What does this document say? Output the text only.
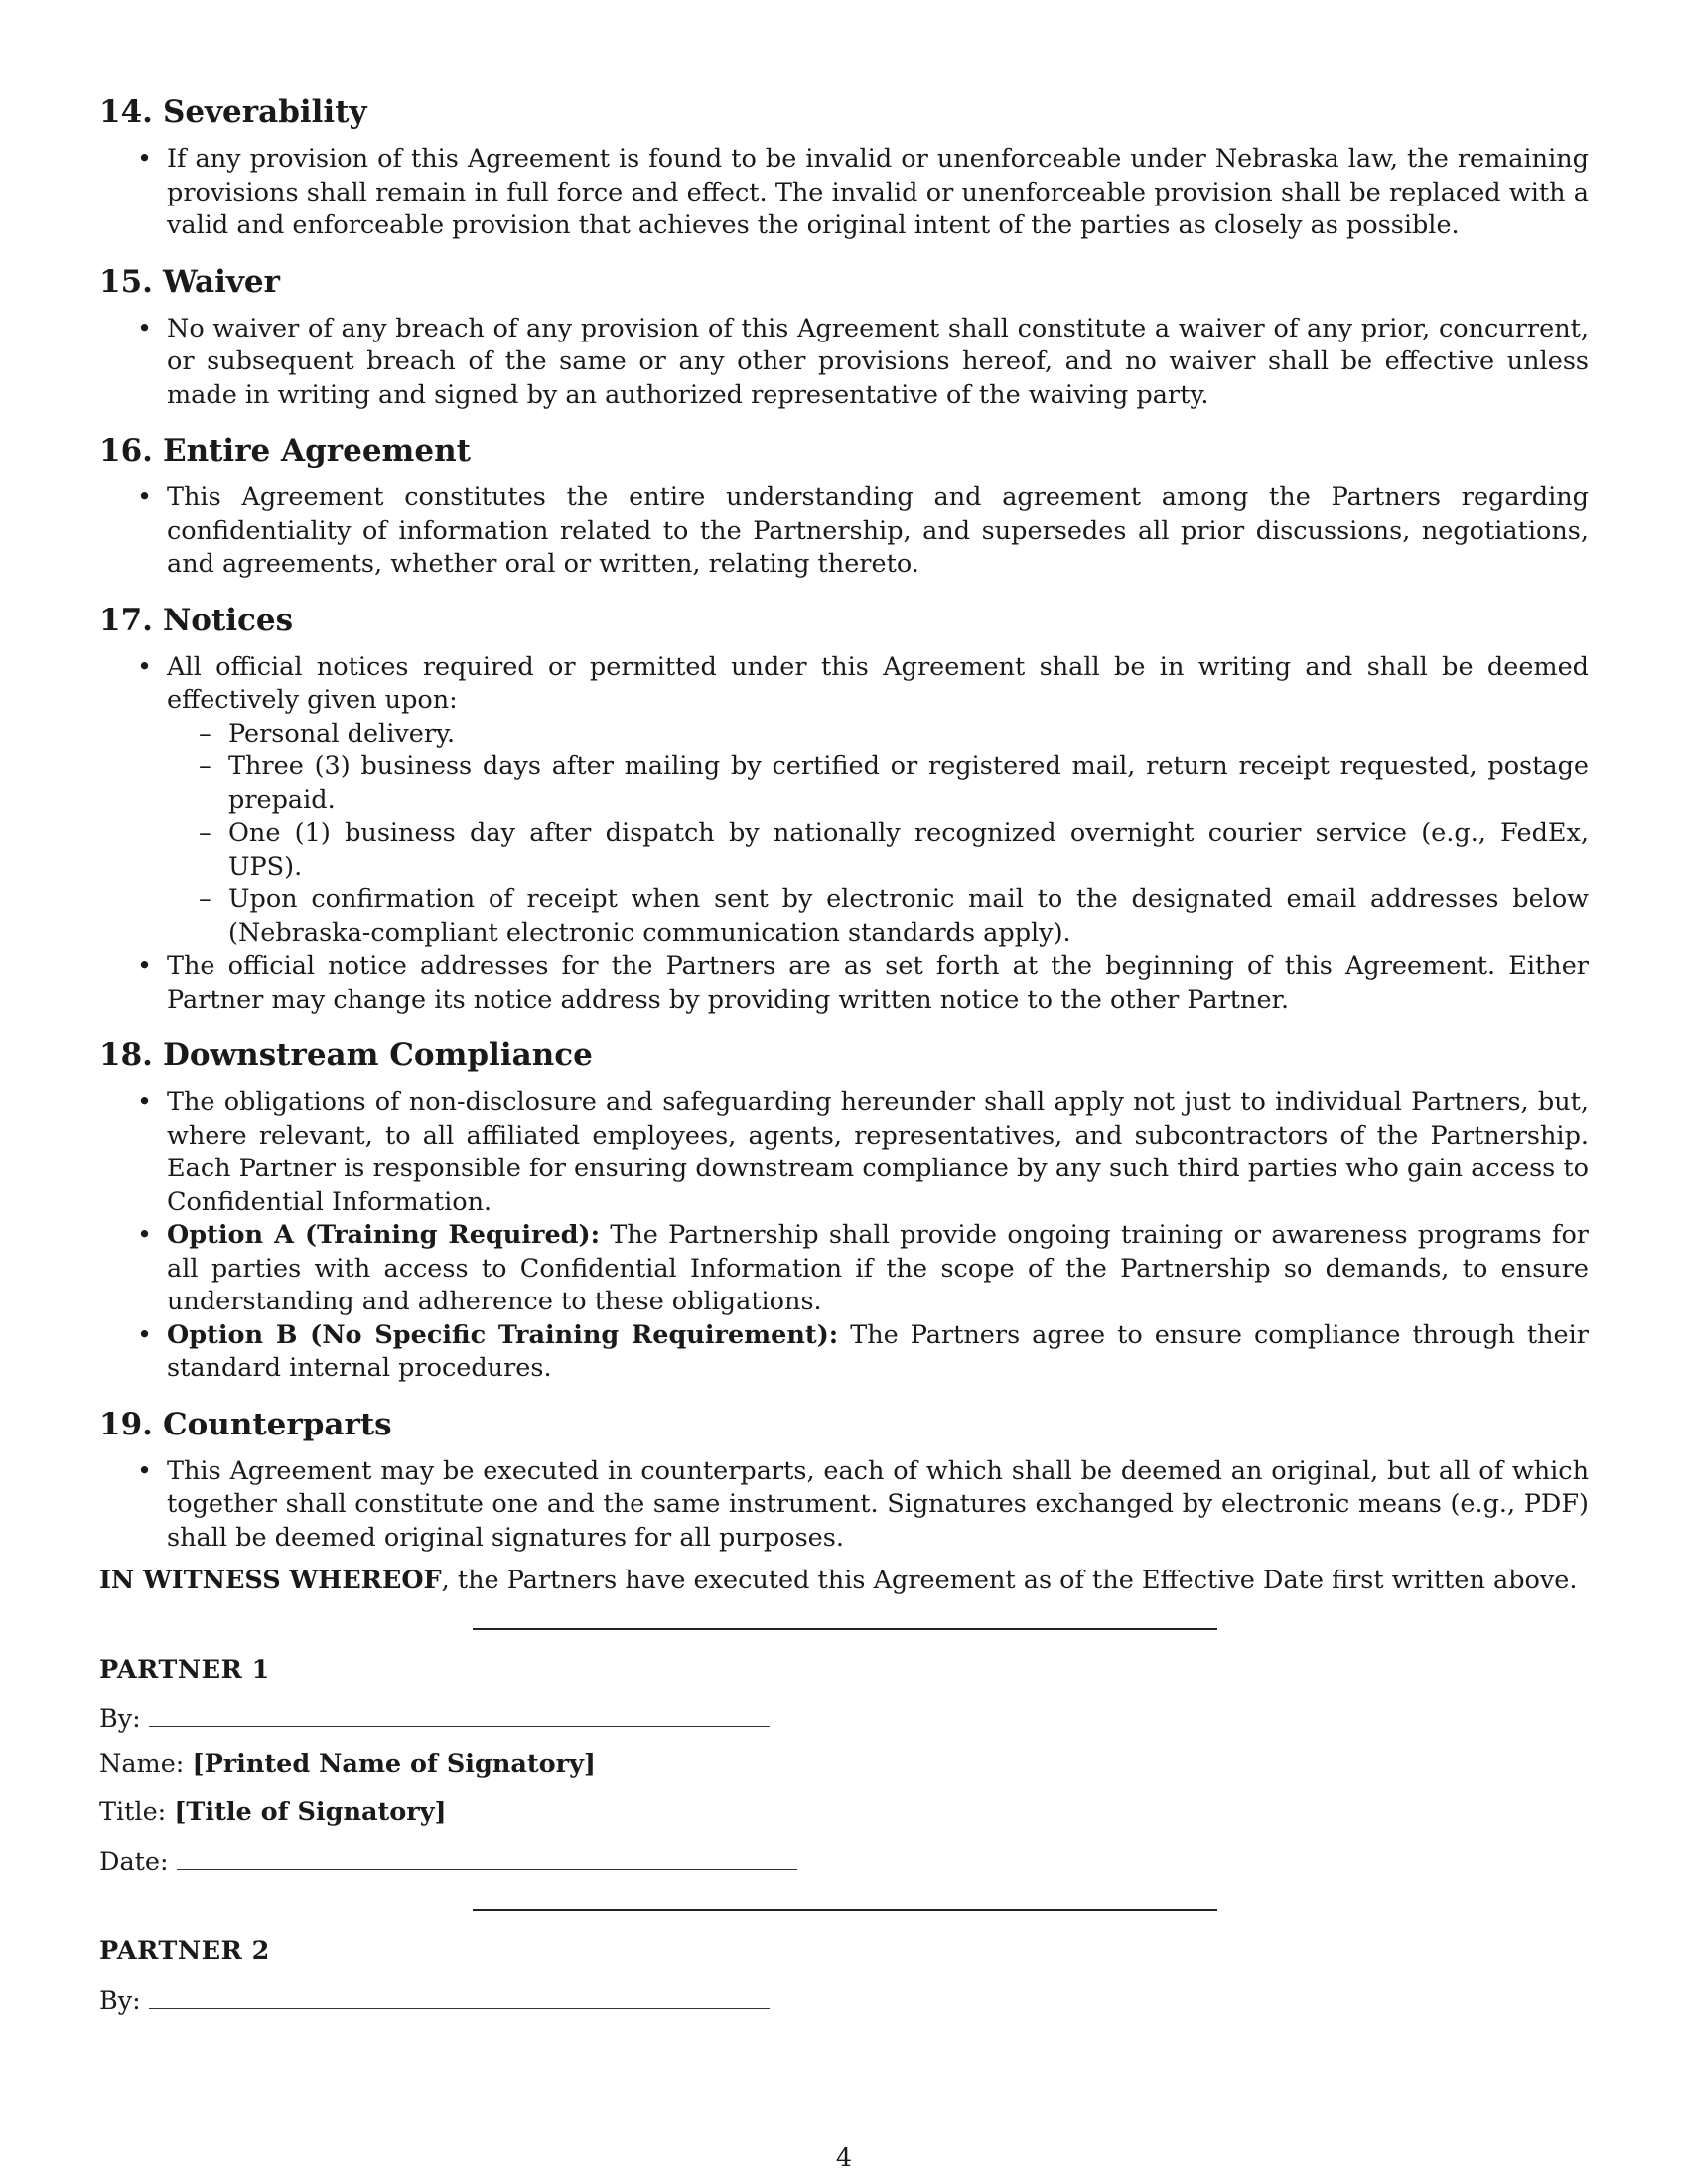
14. Severability
• If any provision of this Agreement is found to be invalid or unenforceable under Nebraska law, the remaining provisions shall remain in full force and effect. The invalid or unenforceable provision shall be replaced with a valid and enforceable provision that achieves the original intent of the parties as closely as possible.
15. Waiver
• No waiver of any breach of any provision of this Agreement shall constitute a waiver of any prior, concurrent, or subsequent breach of the same or any other provisions hereof, and no waiver shall be effective unless made in writing and signed by an authorized representative of the waiving party.
16. Entire Agreement
• This Agreement constitutes the entire understanding and agreement among the Partners regarding confidentiality of information related to the Partnership, and supersedes all prior discussions, negotiations, and agreements, whether oral or written, relating thereto.
17. Notices
• All official notices required or permitted under this Agreement shall be in writing and shall be deemed effectively given upon:
– Personal delivery.
– Three (3) business days after mailing by certified or registered mail, return receipt requested, postage prepaid.
– One (1) business day after dispatch by nationally recognized overnight courier service (e.g., FedEx, UPS).
– Upon confirmation of receipt when sent by electronic mail to the designated email addresses below (Nebraska-compliant electronic communication standards apply).
• The official notice addresses for the Partners are as set forth at the beginning of this Agreement. Either Partner may change its notice address by providing written notice to the other Partner.
18. Downstream Compliance
• The obligations of non-disclosure and safeguarding hereunder shall apply not just to individual Partners, but, where relevant, to all affiliated employees, agents, representatives, and subcontractors of the Partnership. Each Partner is responsible for ensuring downstream compliance by any such third parties who gain access to Confidential Information.
• Option A (Training Required): The Partnership shall provide ongoing training or awareness programs for all parties with access to Confidential Information if the scope of the Partnership so demands, to ensure understanding and adherence to these obligations.
• Option B (No Specific Training Requirement): The Partners agree to ensure compliance through their standard internal procedures.
19. Counterparts
• This Agreement may be executed in counterparts, each of which shall be deemed an original, but all of which together shall constitute one and the same instrument. Signatures exchanged by electronic means (e.g., PDF) shall be deemed original signatures for all purposes.
IN WITNESS WHEREOF, the Partners have executed this Agreement as of the Effective Date first written above.
PARTNER 1
By:
Name: [Printed Name of Signatory]
Title: [Title of Signatory]
Date:
PARTNER 2
By:
4
